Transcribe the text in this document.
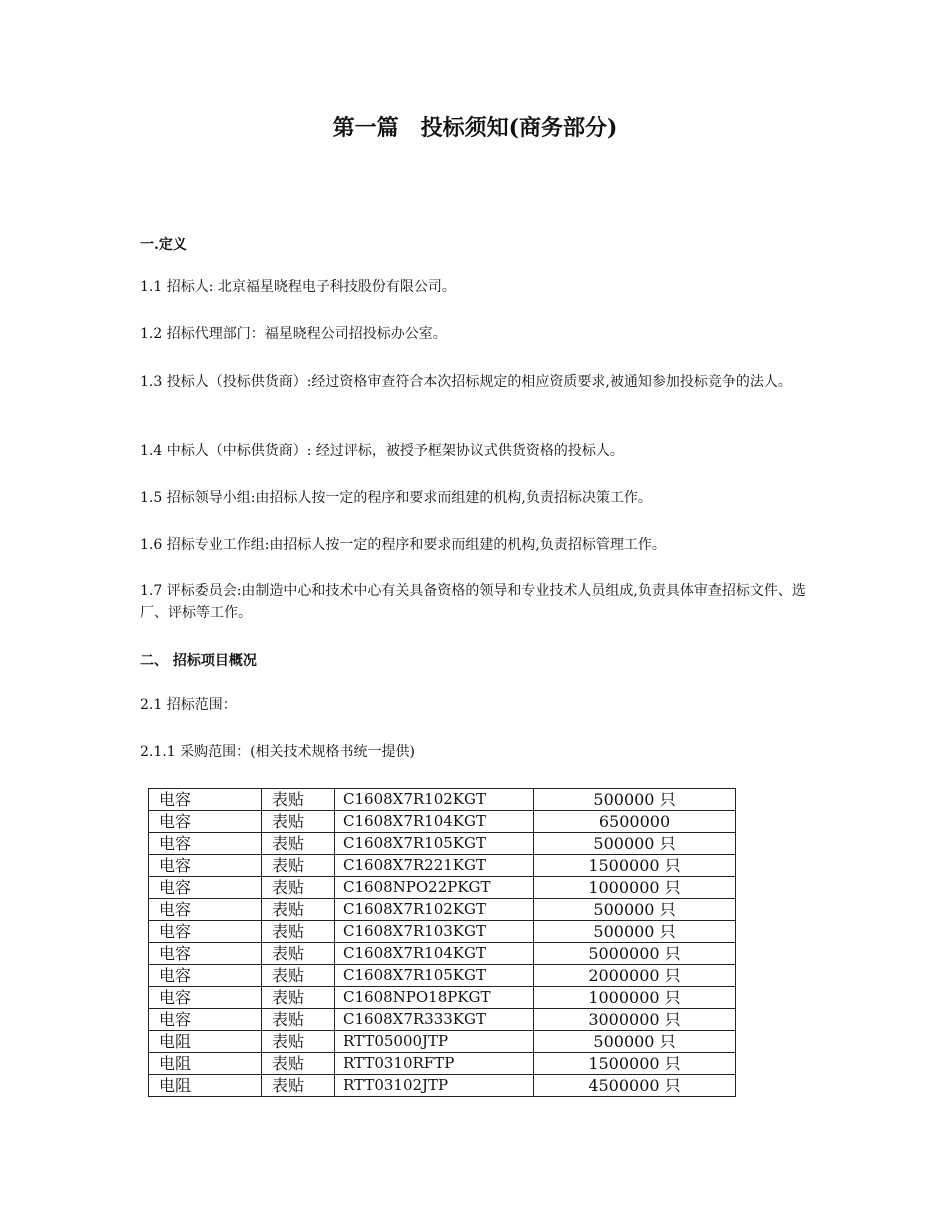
第一篇　投标须知(商务部分)
一.定义
1.1 招标人: 北京福星晓程电子科技股份有限公司。
1.2 招标代理部门：福星晓程公司招投标办公室。
1.3 投标人（投标供货商）:经过资格审查符合本次招标规定的相应资质要求,被通知参加投标竞争的法人。
1.4 中标人（中标供货商）: 经过评标，被授予框架协议式供货资格的投标人。
1.5 招标领导小组:由招标人按一定的程序和要求而组建的机构,负责招标决策工作。
1.6 招标专业工作组:由招标人按一定的程序和要求而组建的机构,负责招标管理工作。
1.7 评标委员会:由制造中心和技术中心有关具备资格的领导和专业技术人员组成,负责具体审查招标文件、选厂、评标等工作。
二、 招标项目概况
2.1 招标范围：
2.1.1 采购范围：(相关技术规格书统一提供)
电容	表贴	C1608X7R102KGT	500000 只
电容	表贴	C1608X7R104KGT	6500000
电容	表贴	C1608X7R105KGT	500000 只
电容	表贴	C1608X7R221KGT	1500000 只
电容	表贴	C1608NPO22PKGT	1000000 只
电容	表贴	C1608X7R102KGT	500000 只
电容	表贴	C1608X7R103KGT	500000 只
电容	表贴	C1608X7R104KGT	5000000 只
电容	表贴	C1608X7R105KGT	2000000 只
电容	表贴	C1608NPO18PKGT	1000000 只
电容	表贴	C1608X7R333KGT	3000000 只
电阻	表贴	RTT05000JTP	500000 只
电阻	表贴	RTT0310RFTP	1500000 只
电阻	表贴	RTT03102JTP	4500000 只
